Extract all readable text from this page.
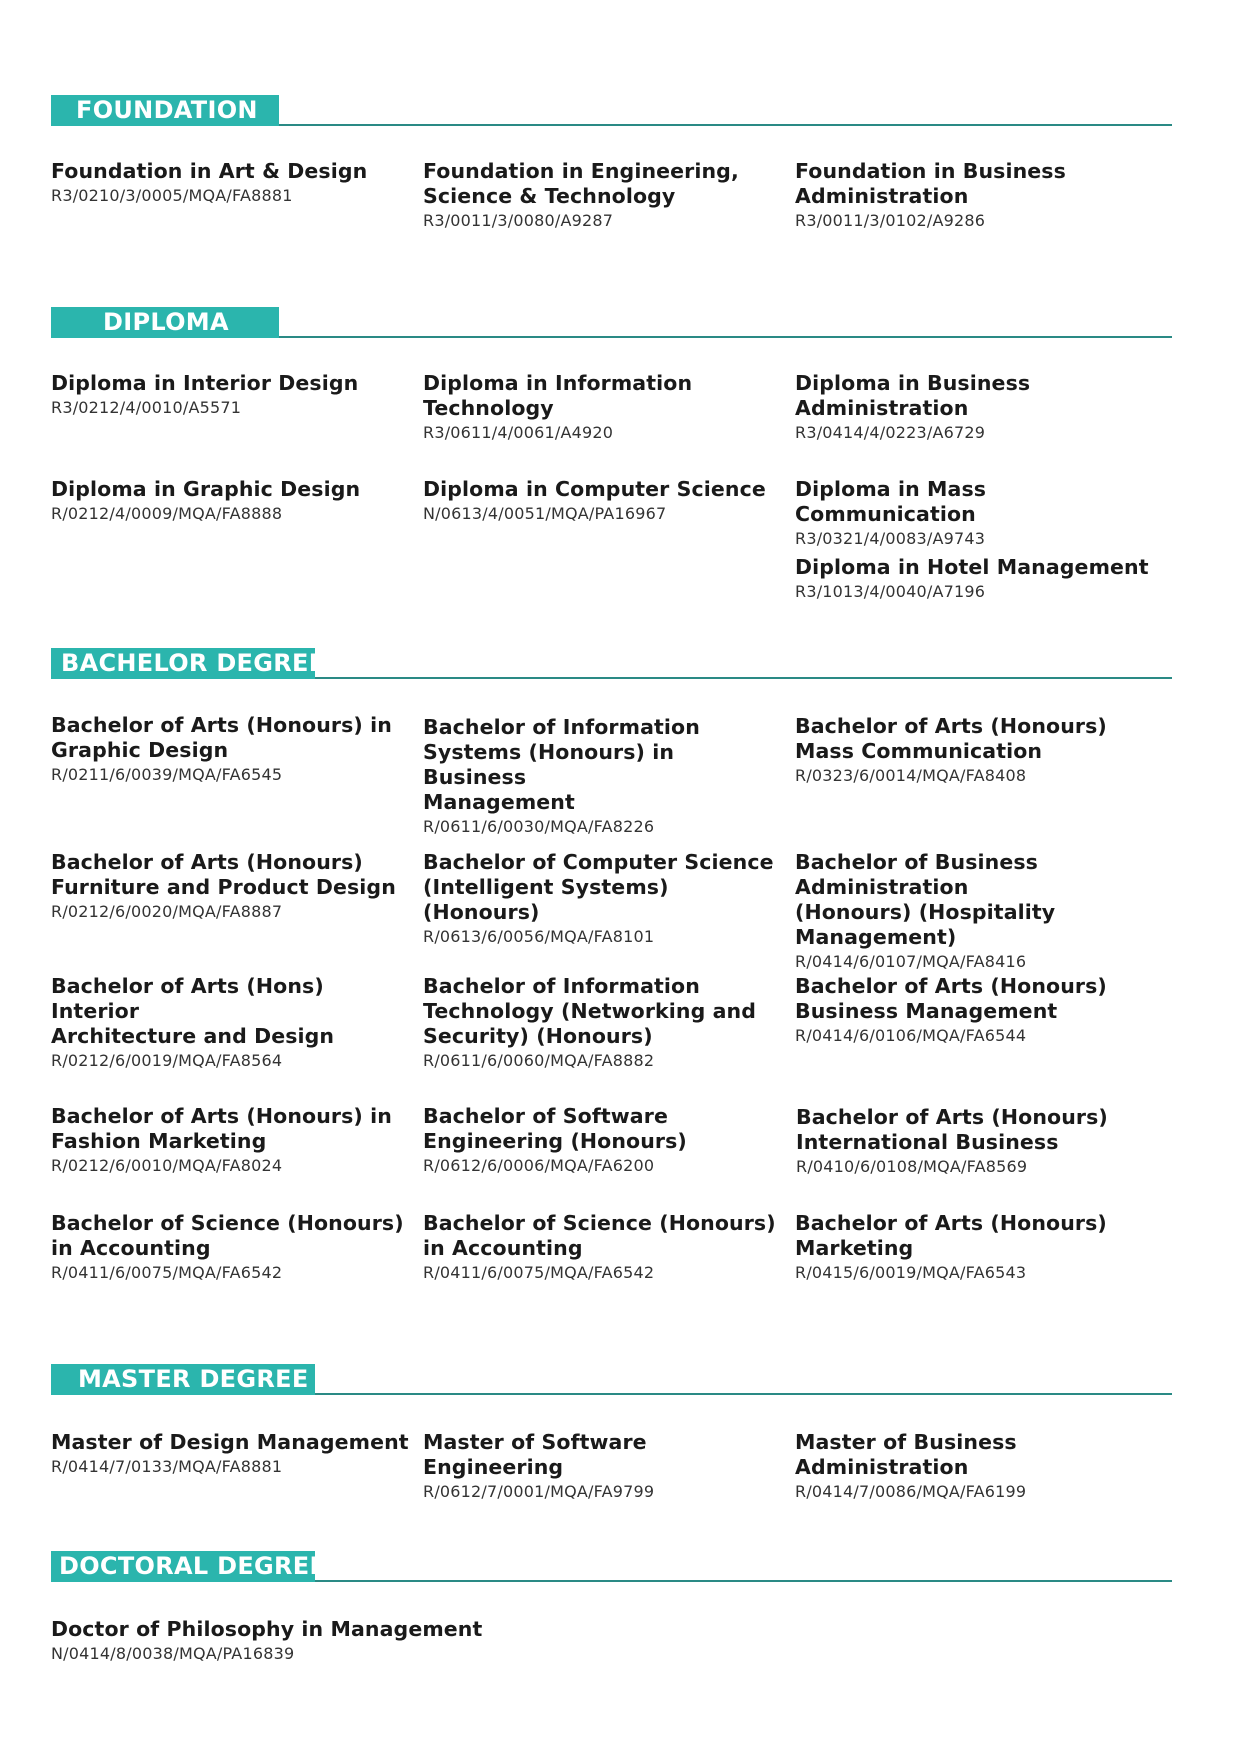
FOUNDATION
Foundation in Art & Design
R3/0210/3/0005/MQA/FA8881
Foundation in Engineering,
Science & Technology
R3/0011/3/0080/A9287
Foundation in Business
Administration
R3/0011/3/0102/A9286
DIPLOMA
Diploma in Interior Design
R3/0212/4/0010/A5571
Diploma in Information
Technology
R3/0611/4/0061/A4920
Diploma in Business
Administration
R3/0414/4/0223/A6729
Diploma in Graphic Design
R/0212/4/0009/MQA/FA8888
Diploma in Computer Science
N/0613/4/0051/MQA/PA16967
Diploma in Mass Communication
R3/0321/4/0083/A9743
Diploma in Hotel Management
R3/1013/4/0040/A7196
BACHELOR DEGREE
Bachelor of Arts (Honours) in
Graphic Design
R/0211/6/0039/MQA/FA6545
Bachelor of Information
Systems (Honours) in Business
Management
R/0611/6/0030/MQA/FA8226
Bachelor of Arts (Honours)
Mass Communication
R/0323/6/0014/MQA/FA8408
Bachelor of Arts (Honours)
Furniture and Product Design
R/0212/6/0020/MQA/FA8887
Bachelor of Computer Science
(Intelligent Systems) (Honours)
R/0613/6/0056/MQA/FA8101
Bachelor of Business Administration
(Honours) (Hospitality Management)
R/0414/6/0107/MQA/FA8416
Bachelor of Arts (Hons) Interior
Architecture and Design
R/0212/6/0019/MQA/FA8564
Bachelor of Information
Technology (Networking and
Security) (Honours)
R/0611/6/0060/MQA/FA8882
Bachelor of Arts (Honours)
Business Management
R/0414/6/0106/MQA/FA6544
Bachelor of Arts (Honours) in
Fashion Marketing
R/0212/6/0010/MQA/FA8024
Bachelor of Software
Engineering (Honours)
R/0612/6/0006/MQA/FA6200
Bachelor of Arts (Honours)
International Business
R/0410/6/0108/MQA/FA8569
Bachelor of Science (Honours)
in Accounting
R/0411/6/0075/MQA/FA6542
Bachelor of Science (Honours)
in Accounting
R/0411/6/0075/MQA/FA6542
Bachelor of Arts (Honours)
Marketing
R/0415/6/0019/MQA/FA6543
MASTER DEGREE
Master of Design Management
R/0414/7/0133/MQA/FA8881
Master of Software Engineering
R/0612/7/0001/MQA/FA9799
Master of Business Administration
R/0414/7/0086/MQA/FA6199
DOCTORAL DEGREE
Doctor of Philosophy in Management
N/0414/8/0038/MQA/PA16839
